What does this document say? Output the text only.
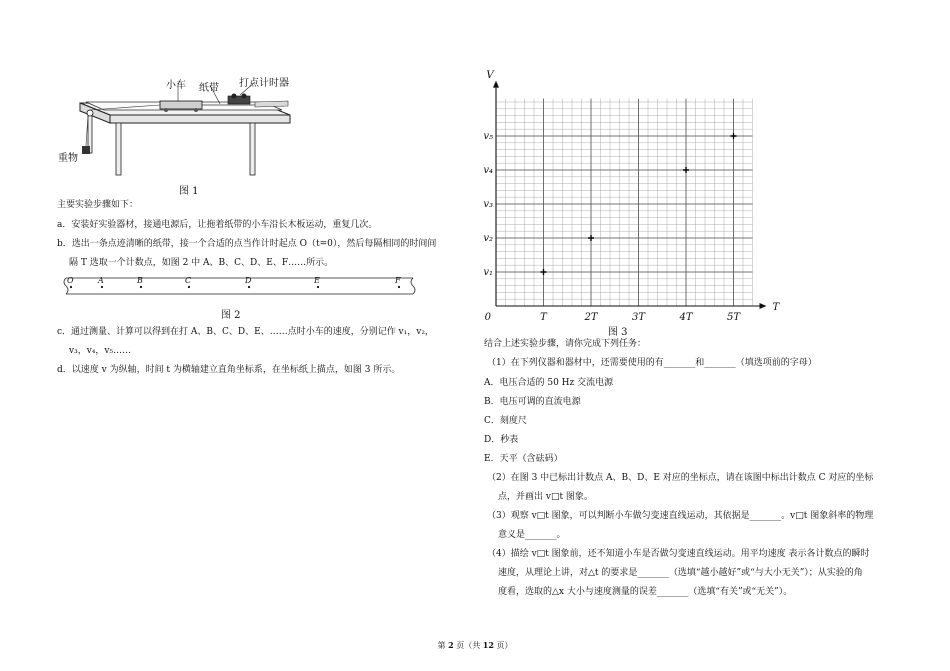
小车 纸带 打点计时器
重物
图 1
主要实验步骤如下：
a．安装好实验器材，接通电源后，让拖着纸带的小车沿长木板运动，重复几次。
b．选出一条点迹清晰的纸带，接一个合适的点当作计时起点 O（t=0），然后每隔相同的时间间
隔 T 选取一个计数点，如图 2 中 A、B、C、D、E、F……所示。
O	A	B	C	D	E	F
图 2
c．通过测量、计算可以得到在打 A、B、C、D、E、……点时小车的速度，分别记作 v₁，v₂，
v₃，v₄，v₅……
d．以速度 v 为纵轴，时间 t 为横轴建立直角坐标系，在坐标纸上描点，如图 3 所示。
V
T
0	T	2T	3T	4T	5T
v₁
v₂
v₃
v₄
v₅
图 3
结合上述实验步骤，请你完成下列任务：
（1）在下列仪器和器材中，还需要使用的有_______和_______（填选项前的字母）
A．电压合适的 50 Hz 交流电源
B．电压可调的直流电源
C．刻度尺
D．秒表
E．天平（含砝码）
（2）在图 3 中已标出计数点 A、B、D、E 对应的坐标点，请在该图中标出计数点 C 对应的坐标
点，并画出 v□t 图象。
（3）观察 v□t 图象，可以判断小车做匀变速直线运动，其依据是_______。v□t 图象斜率的物理
意义是_______。
（4）描绘 v□t 图象前，还不知道小车是否做匀变速直线运动。用平均速度 表示各计数点的瞬时
速度，从理论上讲，对△t 的要求是_______（选填“越小越好”或“与大小无关”）；从实验的角
度看，选取的△x 大小与速度测量的误差_______（选填“有关”或“无关”）。
第 2 页（共 12 页）
